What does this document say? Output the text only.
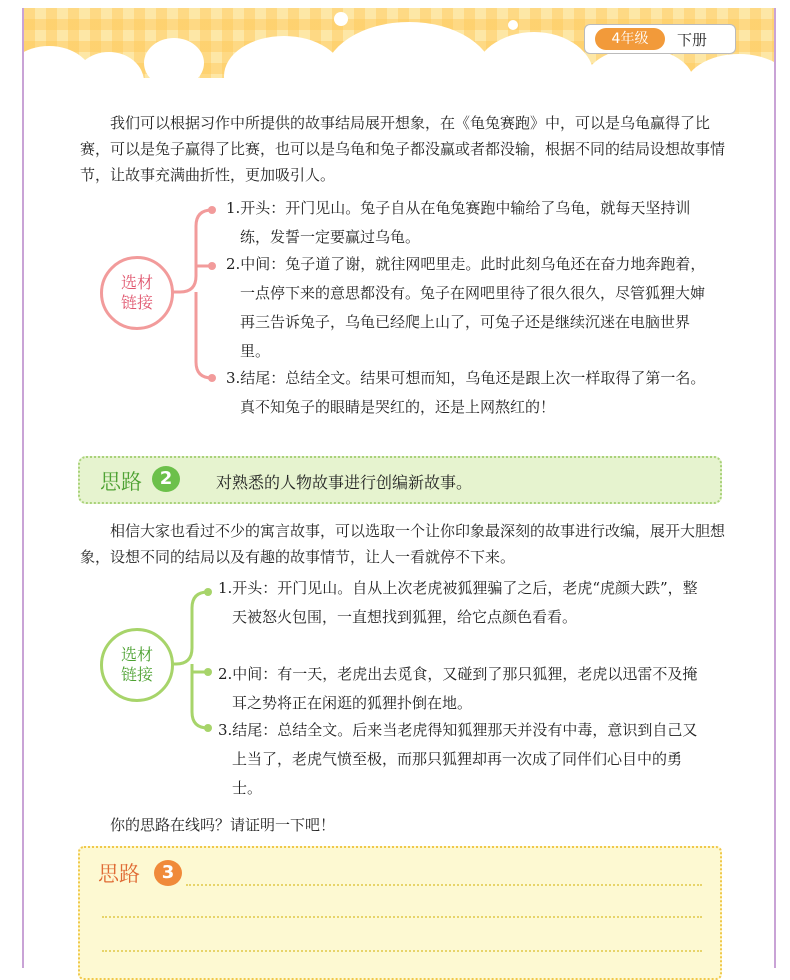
4年级	下册
我们可以根据习作中所提供的故事结局展开想象，在《龟兔赛跑》中，可以是乌龟赢得了比赛，可以是兔子赢得了比赛，也可以是乌龟和兔子都没赢或者都没输，根据不同的结局设想故事情节，让故事充满曲折性，更加吸引人。
选材
链接
1.开头：开门见山。兔子自从在龟兔赛跑中输给了乌龟，就每天坚持训练，发誓一定要赢过乌龟。
2.中间：兔子道了谢，就往网吧里走。此时此刻乌龟还在奋力地奔跑着，一点停下来的意思都没有。兔子在网吧里待了很久很久，尽管狐狸大婶再三告诉兔子，乌龟已经爬上山了，可兔子还是继续沉迷在电脑世界里。
3.结尾：总结全文。结果可想而知，乌龟还是跟上次一样取得了第一名。真不知兔子的眼睛是哭红的，还是上网熬红的！
思路 2	对熟悉的人物故事进行创编新故事。
相信大家也看过不少的寓言故事，可以选取一个让你印象最深刻的故事进行改编，展开大胆想象，设想不同的结局以及有趣的故事情节，让人一看就停不下来。
选材
链接
1.开头：开门见山。自从上次老虎被狐狸骗了之后，老虎“虎颜大跌”，整天被怒火包围，一直想找到狐狸，给它点颜色看看。
2.中间：有一天，老虎出去觅食，又碰到了那只狐狸，老虎以迅雷不及掩耳之势将正在闲逛的狐狸扑倒在地。
3.结尾：总结全文。后来当老虎得知狐狸那天并没有中毒，意识到自己又上当了，老虎气愤至极，而那只狐狸却再一次成了同伴们心目中的勇士。
你的思路在线吗？请证明一下吧！
思路	3
